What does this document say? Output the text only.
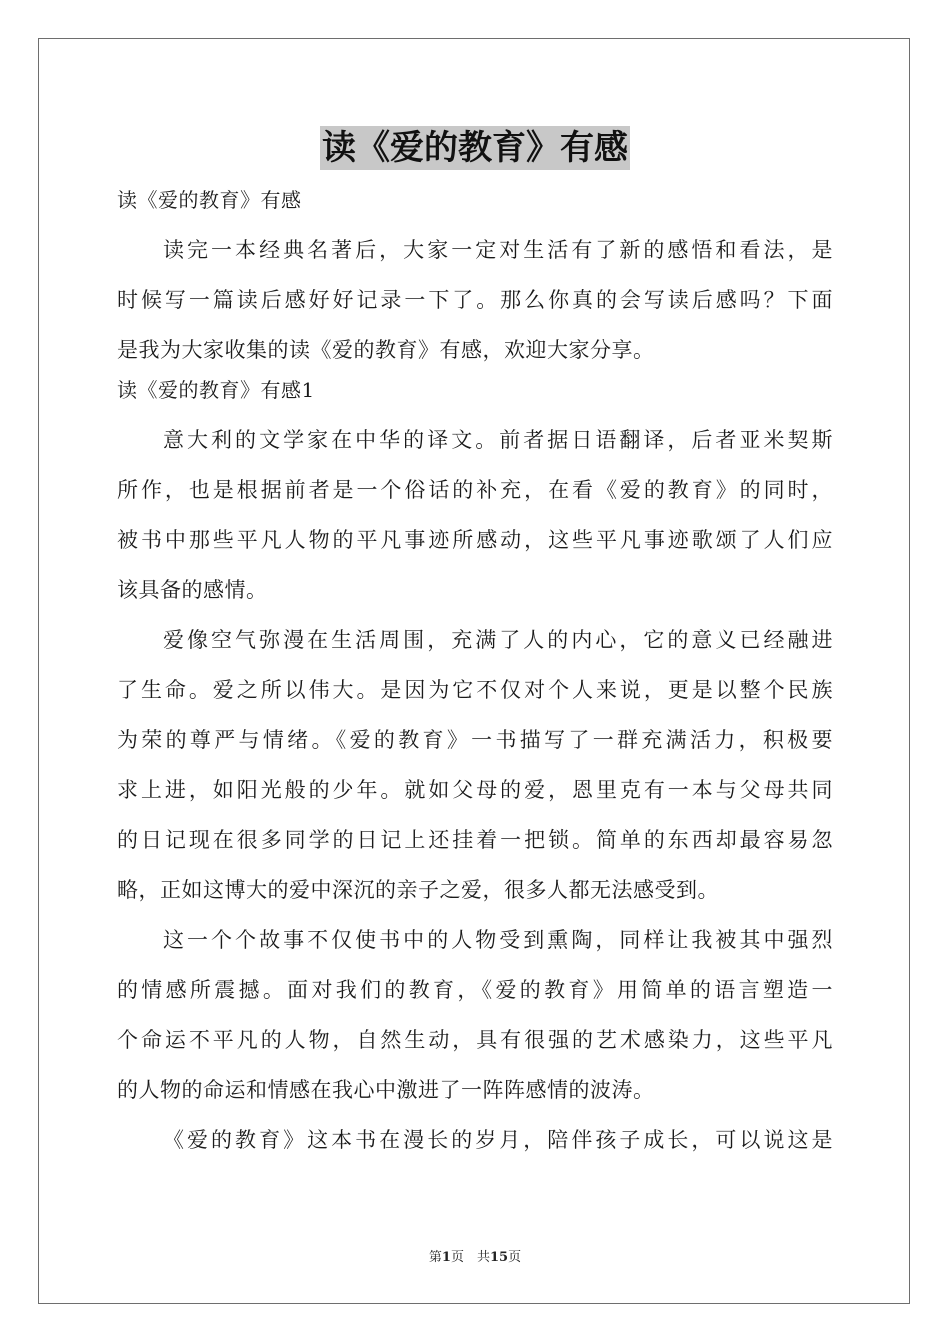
读《爱的教育》有感
读《爱的教育》有感
读完一本经典名著后，大家一定对生活有了新的感悟和看法，是
时候写一篇读后感好好记录一下了。那么你真的会写读后感吗？下面
是我为大家收集的读《爱的教育》有感，欢迎大家分享。
读《爱的教育》有感1
意大利的文学家在中华的译文。前者据日语翻译，后者亚米契斯
所作，也是根据前者是一个俗话的补充，在看《爱的教育》的同时，
被书中那些平凡人物的平凡事迹所感动，这些平凡事迹歌颂了人们应
该具备的感情。
爱像空气弥漫在生活周围，充满了人的内心，它的意义已经融进
了生命。爱之所以伟大。是因为它不仅对个人来说，更是以整个民族
为荣的尊严与情绪。《爱的教育》一书描写了一群充满活力，积极要
求上进，如阳光般的少年。就如父母的爱，恩里克有一本与父母共同
的日记现在很多同学的日记上还挂着一把锁。简单的东西却最容易忽
略，正如这博大的爱中深沉的亲子之爱，很多人都无法感受到。
这一个个故事不仅使书中的人物受到熏陶，同样让我被其中强烈
的情感所震撼。面对我们的教育，《爱的教育》用简单的语言塑造一
个命运不平凡的人物，自然生动，具有很强的艺术感染力，这些平凡
的人物的命运和情感在我心中激进了一阵阵感情的波涛。
《爱的教育》这本书在漫长的岁月，陪伴孩子成长，可以说这是
第1页　共15页
